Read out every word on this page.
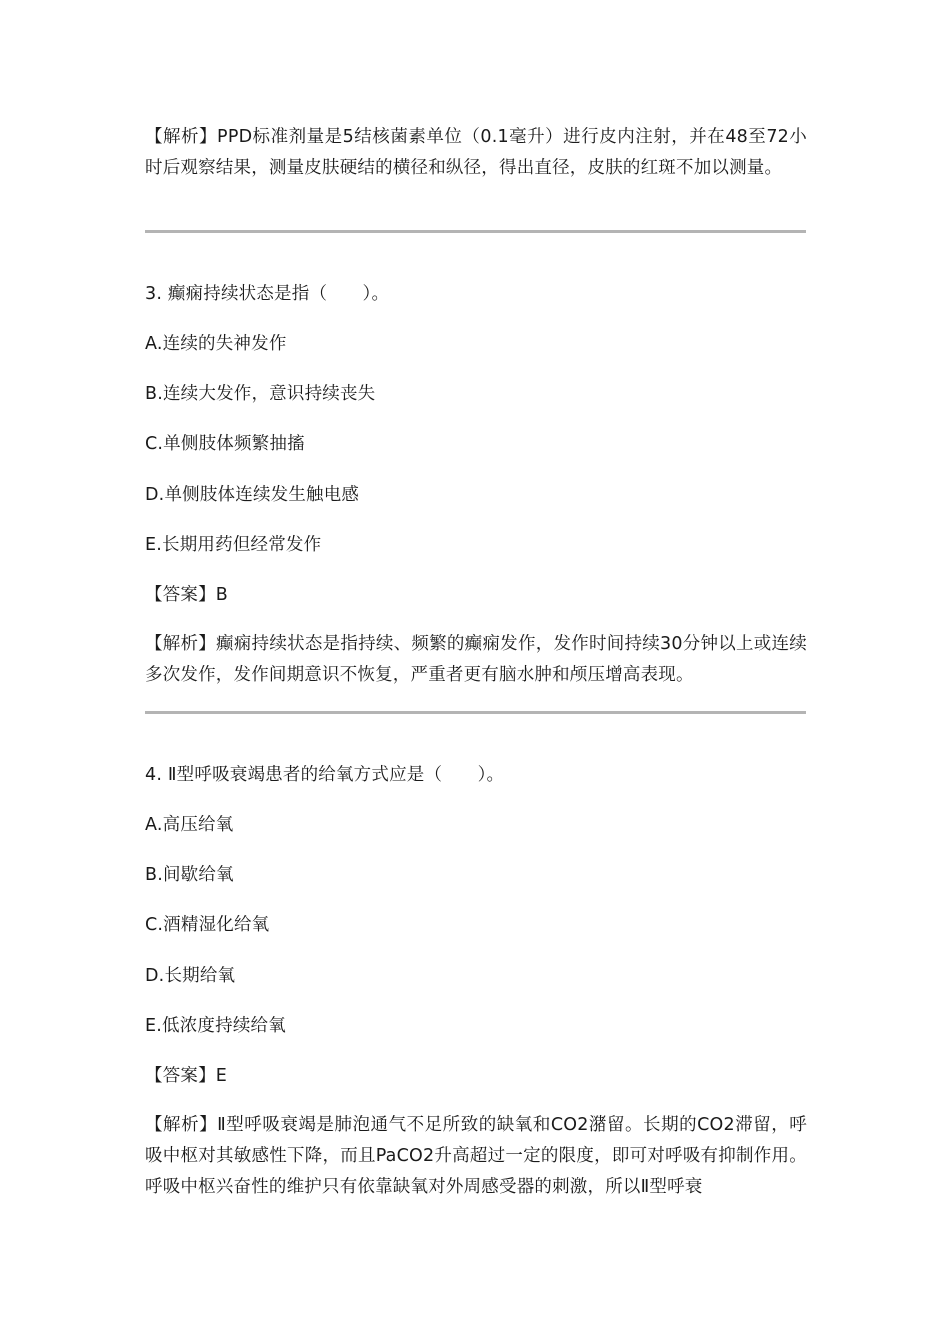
【解析】PPD标准剂量是5结核菌素单位（0.1毫升）进行皮内注射，并在48至72小时后观察结果，测量皮肤硬结的横径和纵径，得出直径，皮肤的红斑不加以测量。

3. 癫痫持续状态是指（　　）。

A.连续的失神发作

B.连续大发作，意识持续丧失

C.单侧肢体频繁抽搐

D.单侧肢体连续发生触电感

E.长期用药但经常发作

【答案】B

【解析】癫痫持续状态是指持续、频繁的癫痫发作，发作时间持续30分钟以上或连续多次发作，发作间期意识不恢复，严重者更有脑水肿和颅压增高表现。

4. Ⅱ型呼吸衰竭患者的给氧方式应是（　　）。

A.高压给氧

B.间歇给氧

C.酒精湿化给氧

D.长期给氧

E.低浓度持续给氧

【答案】E

【解析】Ⅱ型呼吸衰竭是肺泡通气不足所致的缺氧和CO2潴留。长期的CO2滞留，呼吸中枢对其敏感性下降，而且PaCO2升高超过一定的限度，即可对呼吸有抑制作用。呼吸中枢兴奋性的维护只有依靠缺氧对外周感受器的刺激，所以Ⅱ型呼衰
